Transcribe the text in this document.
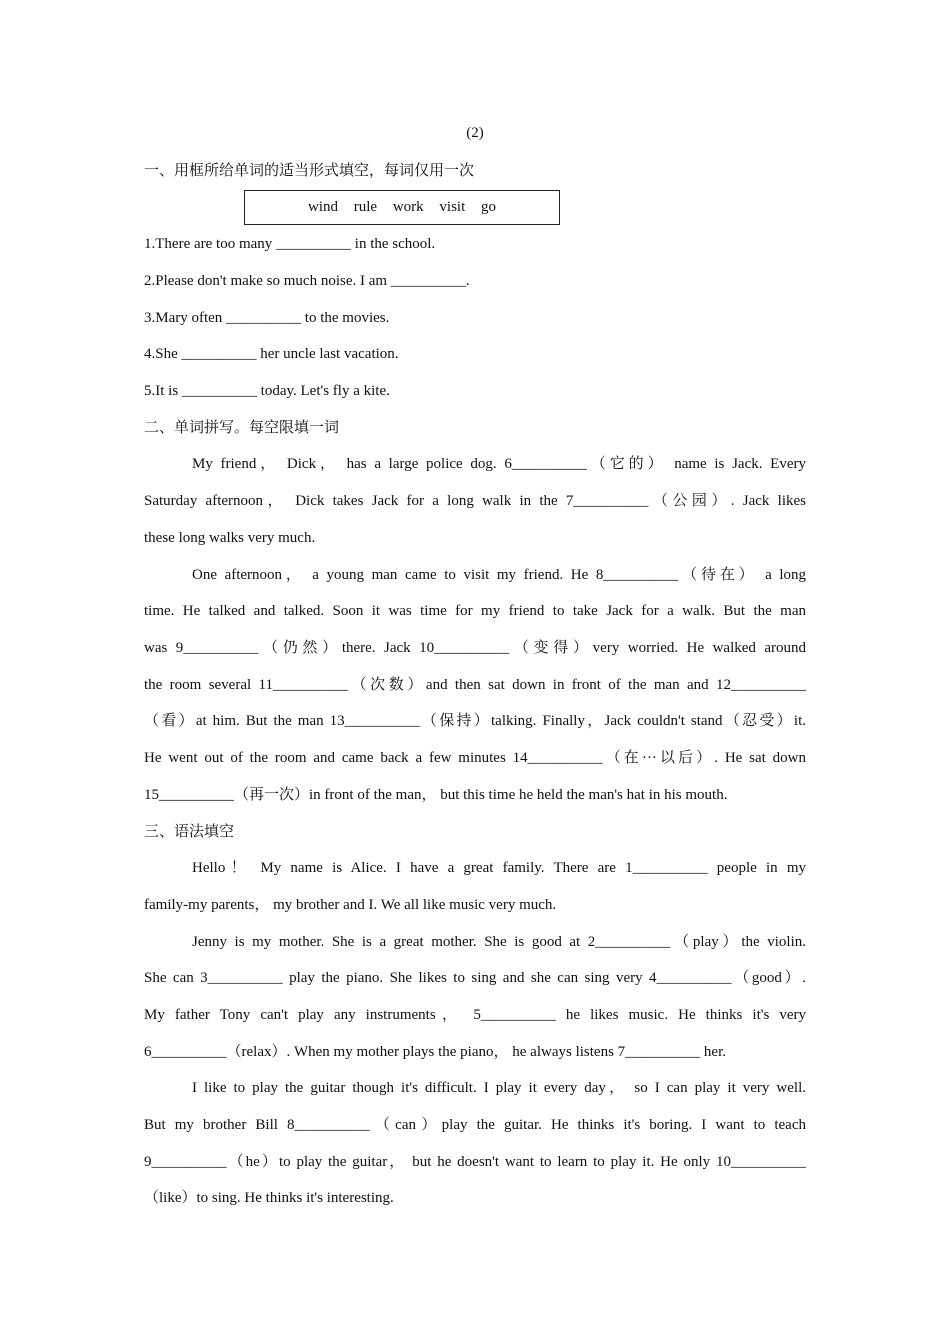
(2)
一、用框所给单词的适当形式填空，每词仅用一次
wind rule work visit go
1.There are too many __________ in the school.
2.Please don't make so much noise. I am __________.
3.Mary often __________ to the movies.
4.She __________ her uncle last vacation.
5.It is __________ today. Let's fly a kite.
二、单词拼写。每空限填一词
My friend， Dick， has a large police dog. 6__________（它的） name is Jack. Every
Saturday afternoon， Dick takes Jack for a long walk in the 7__________（公园）. Jack likes
these long walks very much.
One afternoon， a young man came to visit my friend. He 8__________（待在） a long
time. He talked and talked. Soon it was time for my friend to take Jack for a walk. But the man
was 9__________（仍然）there. Jack 10__________（变得）very worried. He walked around
the room several 11__________（次数）and then sat down in front of the man and 12__________
（看）at him. But the man 13__________（保持）talking. Finally，Jack couldn't stand（忍受）it.
He went out of the room and came back a few minutes 14__________（在···以后）. He sat down
15__________（再一次）in front of the man， but this time he held the man's hat in his mouth.
三、语法填空
Hello！ My name is Alice. I have a great family. There are 1__________ people in my
family-my parents， my brother and I. We all like music very much.
Jenny is my mother. She is a great mother. She is good at 2__________（play）the violin.
She can 3__________ play the piano. She likes to sing and she can sing very 4__________（good）.
My father Tony can't play any instruments， 5__________ he likes music. He thinks it's very
6__________（relax）. When my mother plays the piano， he always listens 7__________ her.
I like to play the guitar though it's difficult. I play it every day， so I can play it very well.
But my brother Bill 8__________（can）play the guitar. He thinks it's boring. I want to teach
9__________（he）to play the guitar， but he doesn't want to learn to play it. He only 10__________
（like）to sing. He thinks it's interesting.
